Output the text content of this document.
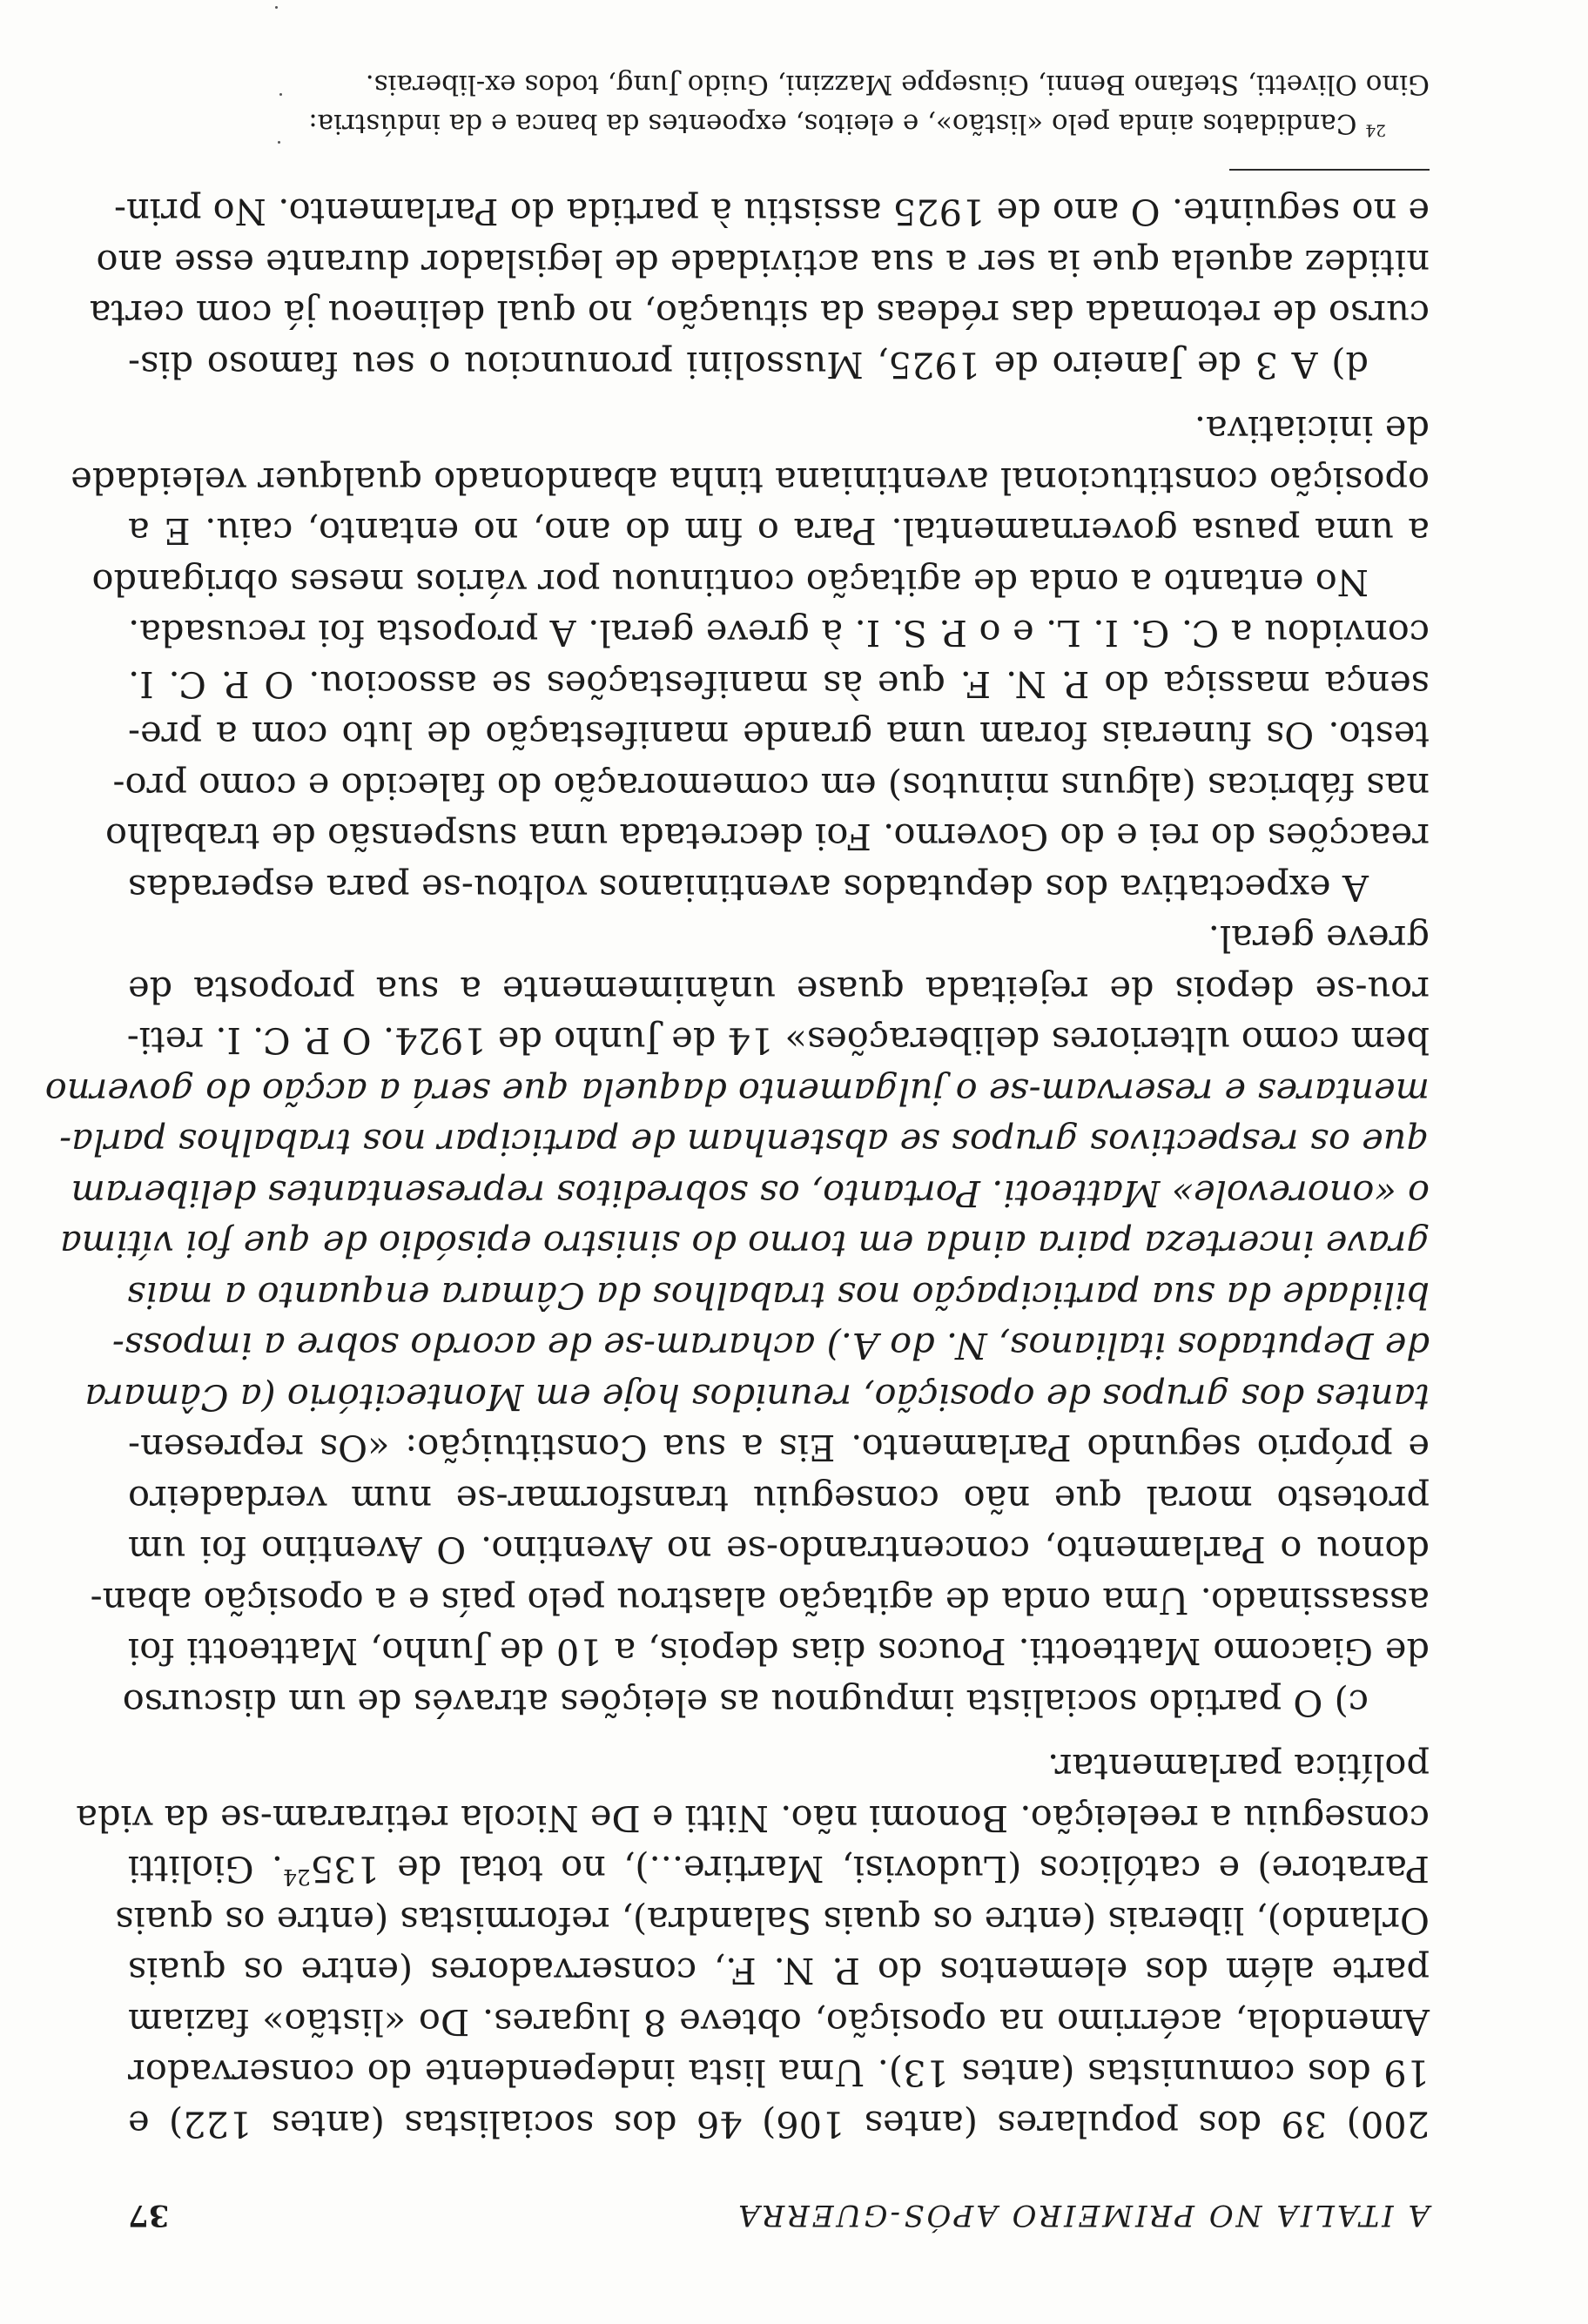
A ITALIA NO PRIMEIRO APÓS-GUERRA
37
200) 39 dos populares (antes 106) 46 dos socialistas (antes 122) e
19 dos comunistas (antes 13). Uma lista independente do conservador
Amendola, acérrimo na oposição, obteve 8 lugares. Do «listão» faziam
parte além dos elementos do P. N. F., conservadores (entre os quais
Orlando), liberais (entre os quais Salandra), reformistas (entre os quais
Paratore) e católicos (Ludovisi, Martire...), no total de $135^{24}$. Giolitti
conseguiu a reeleição. Bonomi não. Nitti e De Nicola retiraram-se da vida
política parlamentar.
c) O partido socialista impugnou as eleições através de um discurso
de Giacomo Matteotti. Poucos dias depois, a 10 de Junho, Matteotti foi
assassinado. Uma onda de agitação alastrou pelo país e a oposição aban-
donou o Parlamento, concentrando-se no Aventino. O Aventino foi um
protesto moral que não conseguiu transformar-se num verdadeiro
e próprio segundo Parlamento. Eis a sua Constituição: «Os represen-
tantes dos grupos de oposição, reunidos hoje em Montecitório (a Câmara
de Deputados italianos, N. do A.) acharam-se de acordo sobre a imposs-
bilidade da sua participação nos trabalhos da Câmara enquanto a mais
grave incerteza paira ainda em torno do sinistro episódio de que foi vítima
o «onorevole» Matteoti. Portanto, os sobreditos representantes deliberam
que os respectivos grupos se abstenham de participar nos trabalhos parla-
mentares e reservam-se o julgamento daquela que será a acção do governo
bem como ulteriores deliberações» 14 de Junho de 1924. O P. C. I. reti-
rou-se depois de rejeitada quase unânimemente a sua proposta de
greve geral.
A expectativa dos deputados aventinianos voltou-se para esperadas
reacções do rei e do Governo. Foi decretada uma suspensão de trabalho
nas fábricas (alguns minutos) em comemoração do falecido e como pro-
testo. Os funerais foram uma grande manifestação de luto com a pre-
sença massiça do P. N. F. que às manifestações se associou. O P. C. I.
convidou a C. G. I. L. e o P. S. I. à greve geral. A proposta foi recusada.
No entanto a onda de agitação continuou por vários meses obrigando
a uma pausa governamental. Para o fim do ano, no entanto, caiu. E a
oposição constitucional aventiniana tinha abandonado qualquer veleidade
de iniciativa.
d) A 3 de Janeiro de 1925, Mussolini pronunciou o seu famoso dis-
curso de retomada das rédeas da situação, no qual delineou já com certa
nitidez aquela que ia ser a sua actividade de legislador durante esse ano
e no seguinte. O ano de 1925 assistiu à partida do Parlamento. No prin-
$^{24}$ Candidatos ainda pelo «listão», e eleitos, expoentes da banca e da indústria:
Gino Olivetti, Stefano Benni, Giuseppe Mazzini, Guido Jung, todos ex-liberais.
